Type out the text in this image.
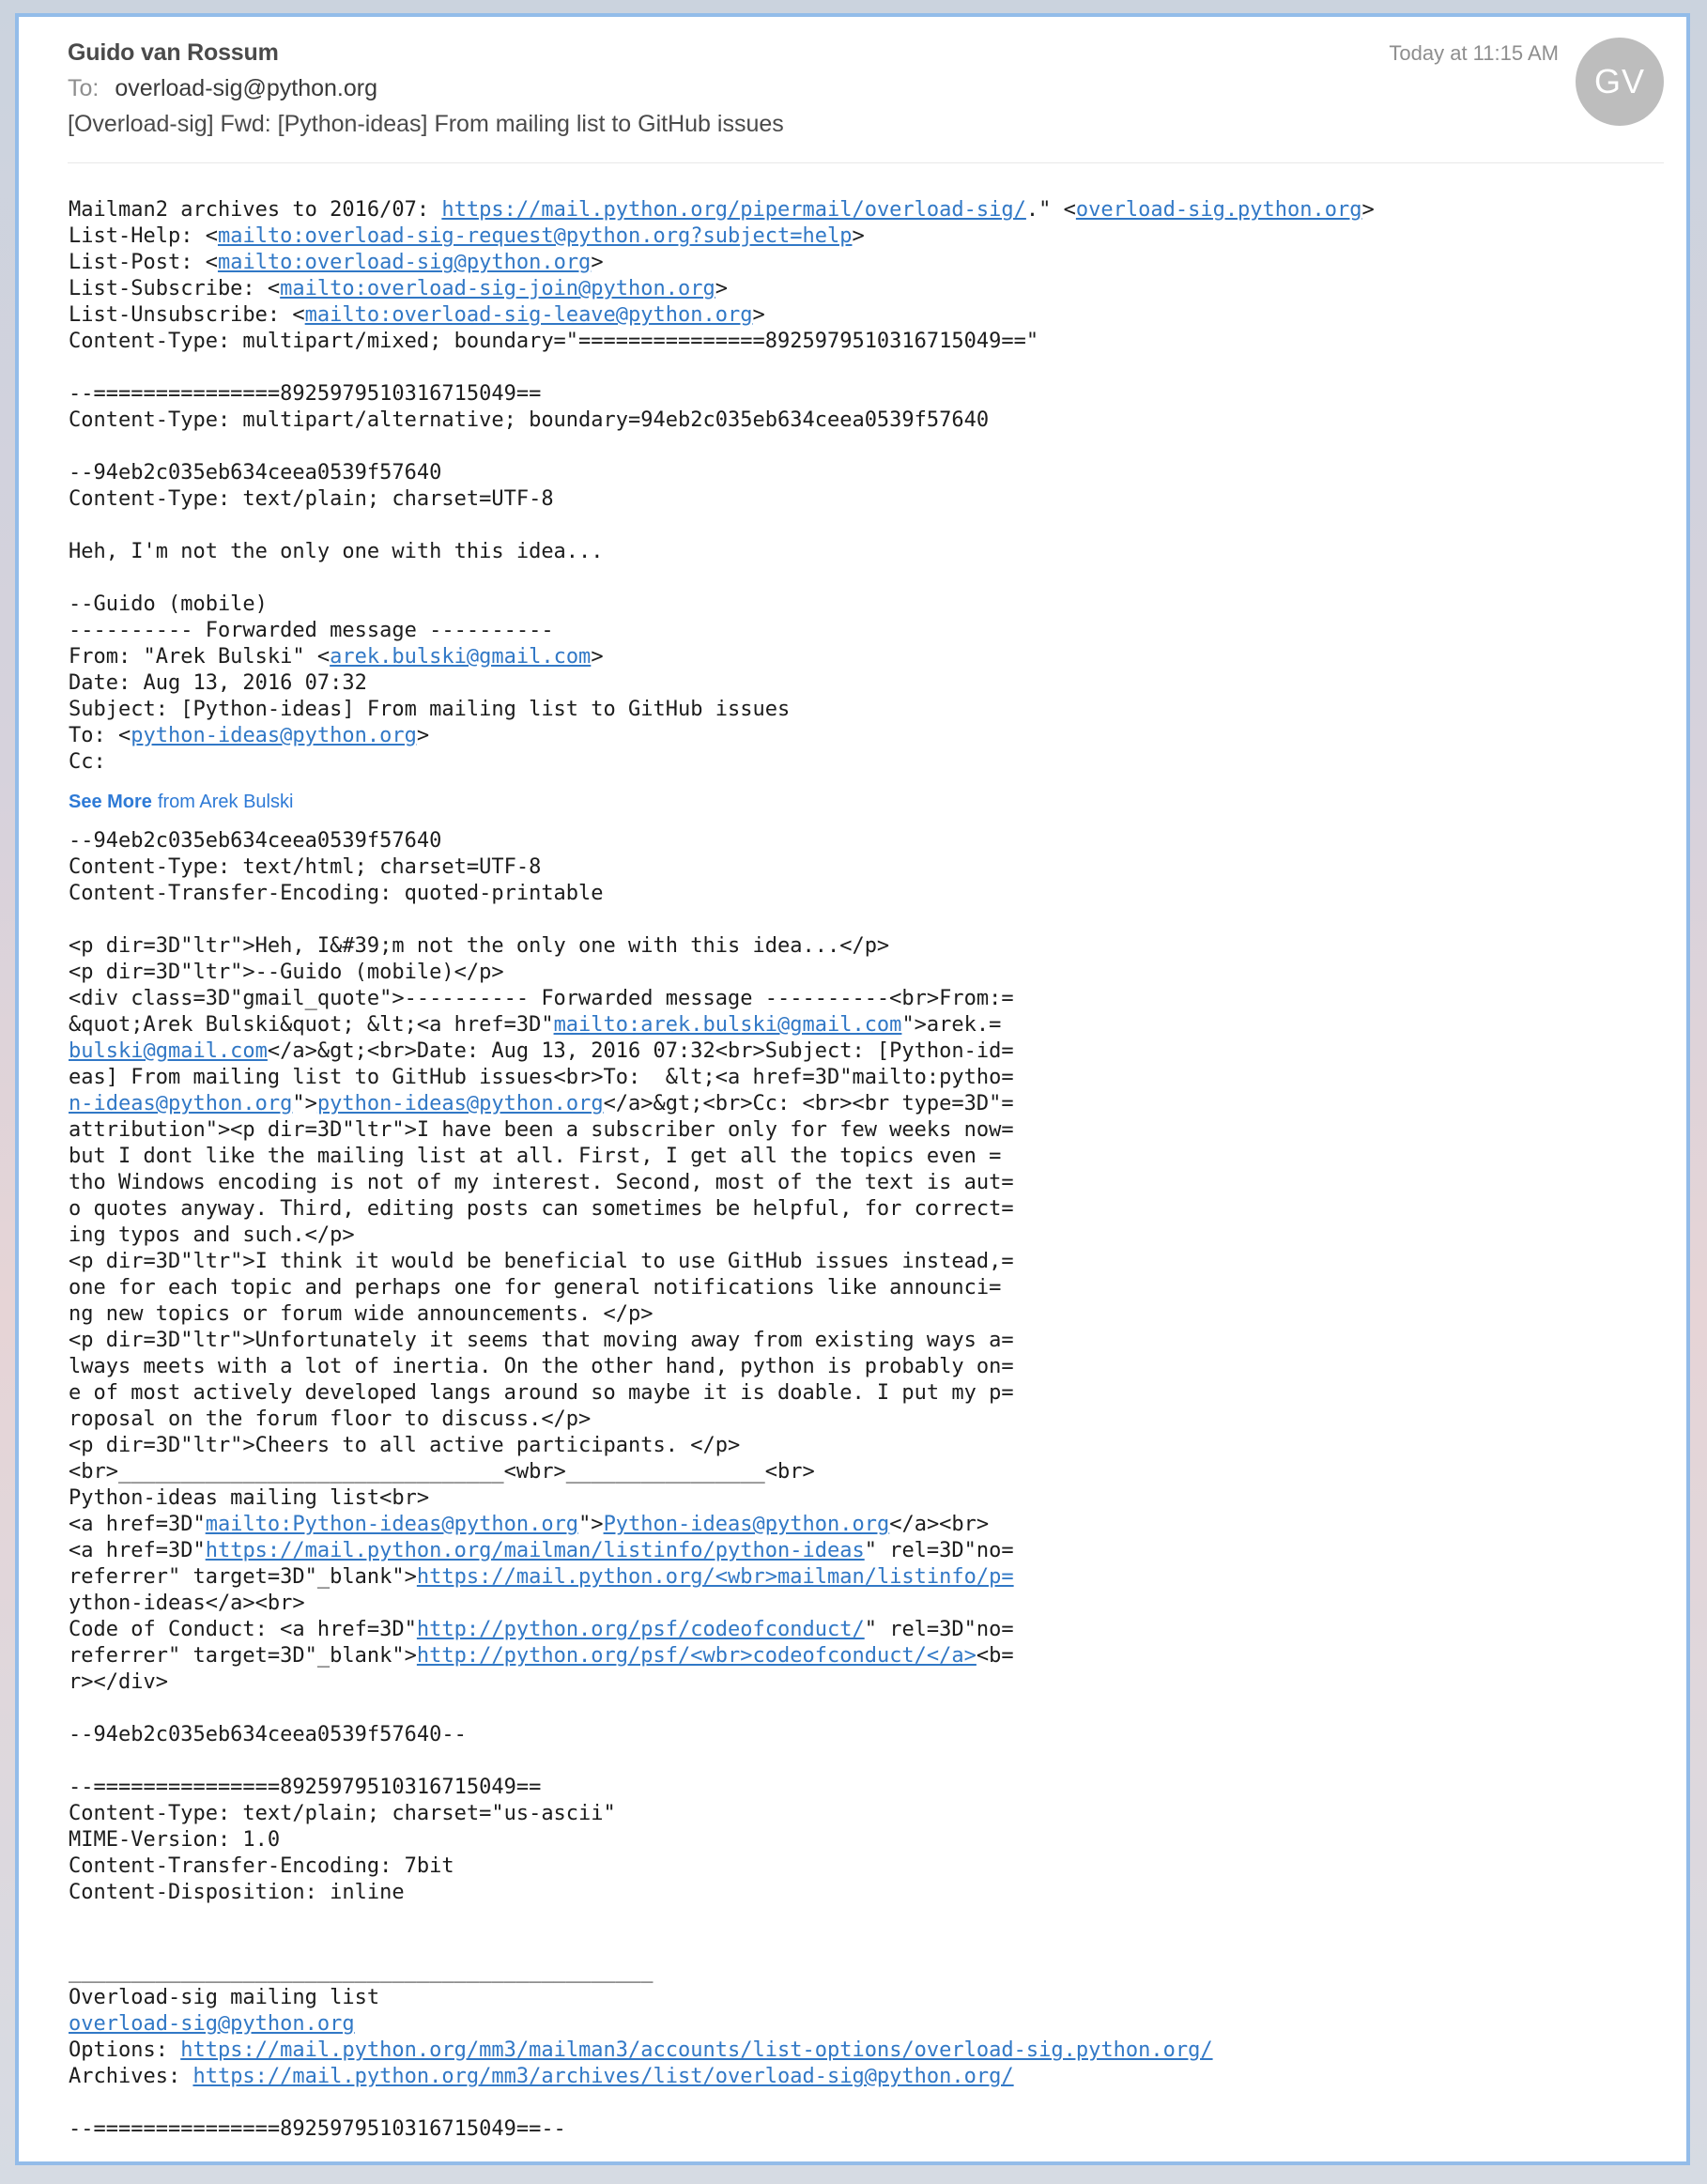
Guido van Rossum
To: overload-sig@python.org
[Overload-sig] Fwd: [Python-ideas] From mailing list to GitHub issues
Today at 11:15 AM
GV
Mailman2 archives to 2016/07: https://mail.python.org/pipermail/overload-sig/." <overload-sig.python.org>
List-Help: <mailto:overload-sig-request@python.org?subject=help>
List-Post: <mailto:overload-sig@python.org>
List-Subscribe: <mailto:overload-sig-join@python.org>
List-Unsubscribe: <mailto:overload-sig-leave@python.org>
Content-Type: multipart/mixed; boundary="===============8925979510316715049=="
--===============8925979510316715049==
Content-Type: multipart/alternative; boundary=94eb2c035eb634ceea0539f57640
--94eb2c035eb634ceea0539f57640
Content-Type: text/plain; charset=UTF-8
Heh, I'm not the only one with this idea...
--Guido (mobile)
---------- Forwarded message ----------
From: "Arek Bulski" <arek.bulski@gmail.com>
Date: Aug 13, 2016 07:32
Subject: [Python-ideas] From mailing list to GitHub issues
To: <python-ideas@python.org>
Cc:
See More from Arek Bulski
--94eb2c035eb634ceea0539f57640
Content-Type: text/html; charset=UTF-8
Content-Transfer-Encoding: quoted-printable
<p dir=3D"ltr">Heh, I&#39;m not the only one with this idea...</p>
<p dir=3D"ltr">--Guido (mobile)</p>
<div class=3D"gmail_quote">---------- Forwarded message ----------<br>From:=
&quot;Arek Bulski&quot; &lt;<a href=3D"mailto:arek.bulski@gmail.com">arek.=
bulski@gmail.com</a>&gt;<br>Date: Aug 13, 2016 07:32<br>Subject: [Python-id=
eas] From mailing list to GitHub issues<br>To:  &lt;<a href=3D"mailto:pytho=
n-ideas@python.org">python-ideas@python.org</a>&gt;<br>Cc: <br><br type=3D"=
attribution"><p dir=3D"ltr">I have been a subscriber only for few weeks now=
but I dont like the mailing list at all. First, I get all the topics even =
tho Windows encoding is not of my interest. Second, most of the text is aut=
o quotes anyway. Third, editing posts can sometimes be helpful, for correct=
ing typos and such.</p>
<p dir=3D"ltr">I think it would be beneficial to use GitHub issues instead,=
one for each topic and perhaps one for general notifications like announci=
ng new topics or forum wide announcements. </p>
<p dir=3D"ltr">Unfortunately it seems that moving away from existing ways a=
lways meets with a lot of inertia. On the other hand, python is probably on=
e of most actively developed langs around so maybe it is doable. I put my p=
roposal on the forum floor to discuss.</p>
<p dir=3D"ltr">Cheers to all active participants. </p>
<br>_______________________________<wbr>________________<br>
Python-ideas mailing list<br>
<a href=3D"mailto:Python-ideas@python.org">Python-ideas@python.org</a><br>
<a href=3D"https://mail.python.org/mailman/listinfo/python-ideas" rel=3D"no=
referrer" target=3D"_blank">https://mail.python.org/<wbr>mailman/listinfo/p=
ython-ideas</a><br>
Code of Conduct: <a href=3D"http://python.org/psf/codeofconduct/" rel=3D"no=
referrer" target=3D"_blank">http://python.org/psf/<wbr>codeofconduct/</a><b=
r></div>
--94eb2c035eb634ceea0539f57640--
--===============8925979510316715049==
Content-Type: text/plain; charset="us-ascii"
MIME-Version: 1.0
Content-Transfer-Encoding: 7bit
Content-Disposition: inline
_______________________________________________
Overload-sig mailing list
overload-sig@python.org
Options: https://mail.python.org/mm3/mailman3/accounts/list-options/overload-sig.python.org/
Archives: https://mail.python.org/mm3/archives/list/overload-sig@python.org/
--===============8925979510316715049==--
